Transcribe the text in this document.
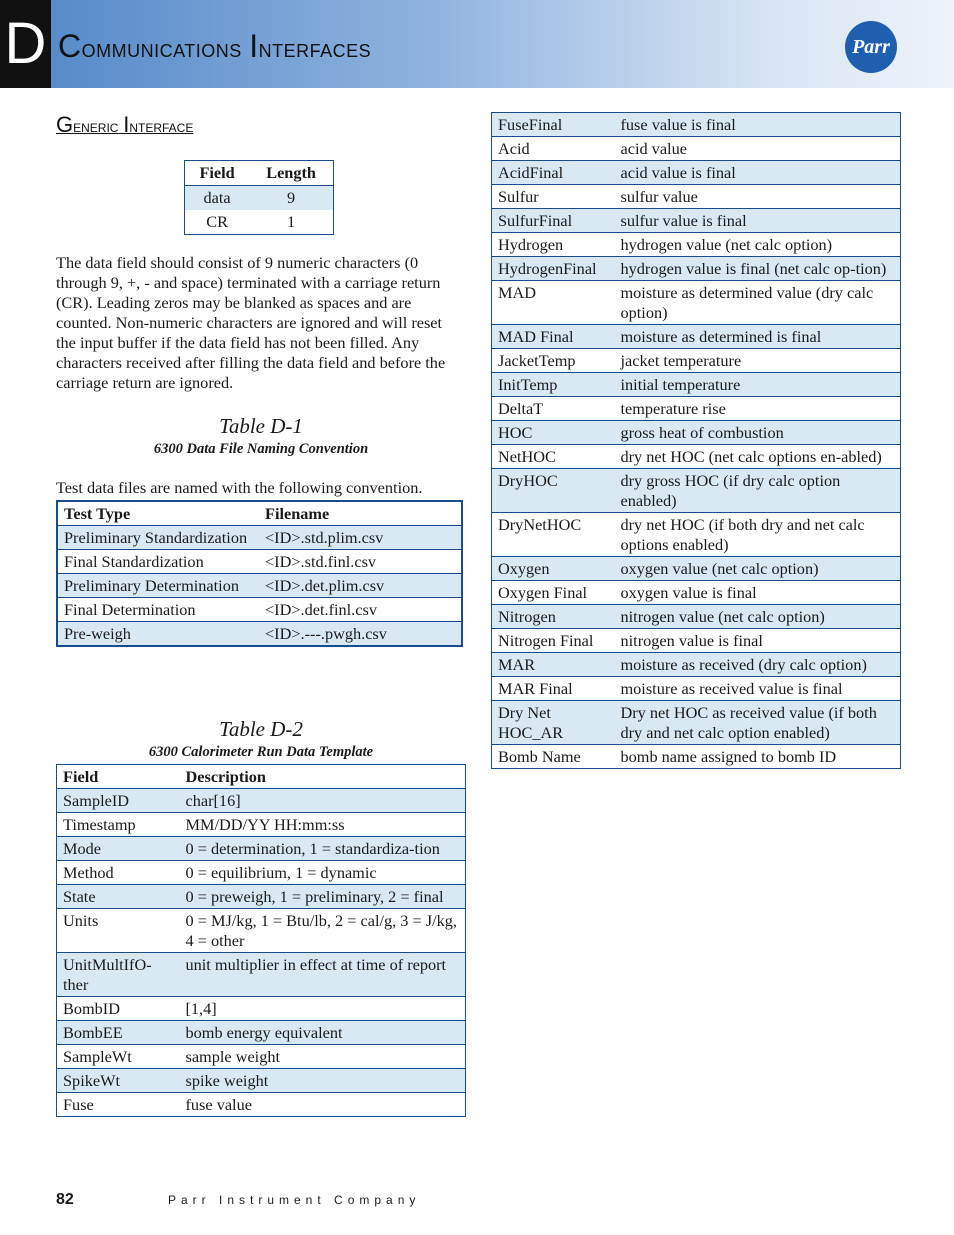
D Communications Interfaces	Parr
Generic Interface
Field	Length
data	9
CR	1
The data field should consist of 9 numeric characters (0 through 9, +, - and space) terminated with a carriage return (CR). Leading zeros may be blanked as spaces and are counted. Non-numeric characters are ignored and will reset the input buffer if the data field has not been filled. Any characters received after filling the data field and before the carriage return are ignored.
Table D-1
6300 Data File Naming Convention
Test data files are named with the following convention.
Test Type	Filename
Preliminary Standardization	<ID>.std.plim.csv
Final Standardization	<ID>.std.finl.csv
Preliminary Determination	<ID>.det.plim.csv
Final Determination	<ID>.det.finl.csv
Pre-weigh	<ID>.---.pwgh.csv
Table D-2
6300 Calorimeter Run Data Template
Field	Description
SampleID	char[16]
Timestamp	MM/DD/YY HH:mm:ss
Mode	0 = determination, 1 = standardiza-tion
Method	0 = equilibrium, 1 = dynamic
State	0 = preweigh, 1 = preliminary, 2 = final
Units	0 = MJ/kg, 1 = Btu/lb, 2 = cal/g, 3 = J/kg, 4 = other
UnitMultIfO-ther	unit multiplier in effect at time of report
BombID	[1,4]
BombEE	bomb energy equivalent
SampleWt	sample weight
SpikeWt	spike weight
Fuse	fuse value
FuseFinal	fuse value is final
Acid	acid value
AcidFinal	acid value is final
Sulfur	sulfur value
SulfurFinal	sulfur value is final
Hydrogen	hydrogen value (net calc option)
HydrogenFinal	hydrogen value is final (net calc op-tion)
MAD	moisture as determined value (dry calc option)
MAD Final	moisture as determined is final
JacketTemp	jacket temperature
InitTemp	initial temperature
DeltaT	temperature rise
HOC	gross heat of combustion
NetHOC	dry net HOC (net calc options en-abled)
DryHOC	dry gross HOC (if dry calc option enabled)
DryNetHOC	dry net HOC (if both dry and net calc options enabled)
Oxygen	oxygen value (net calc option)
Oxygen Final	oxygen value is final
Nitrogen	nitrogen value (net calc option)
Nitrogen Final	nitrogen value is final
MAR	moisture as received (dry calc option)
MAR Final	moisture as received value is final
Dry Net HOC_AR	Dry net HOC as received value (if both dry and net calc option enabled)
Bomb Name	bomb name assigned to bomb ID
82	Parr Instrument Company
